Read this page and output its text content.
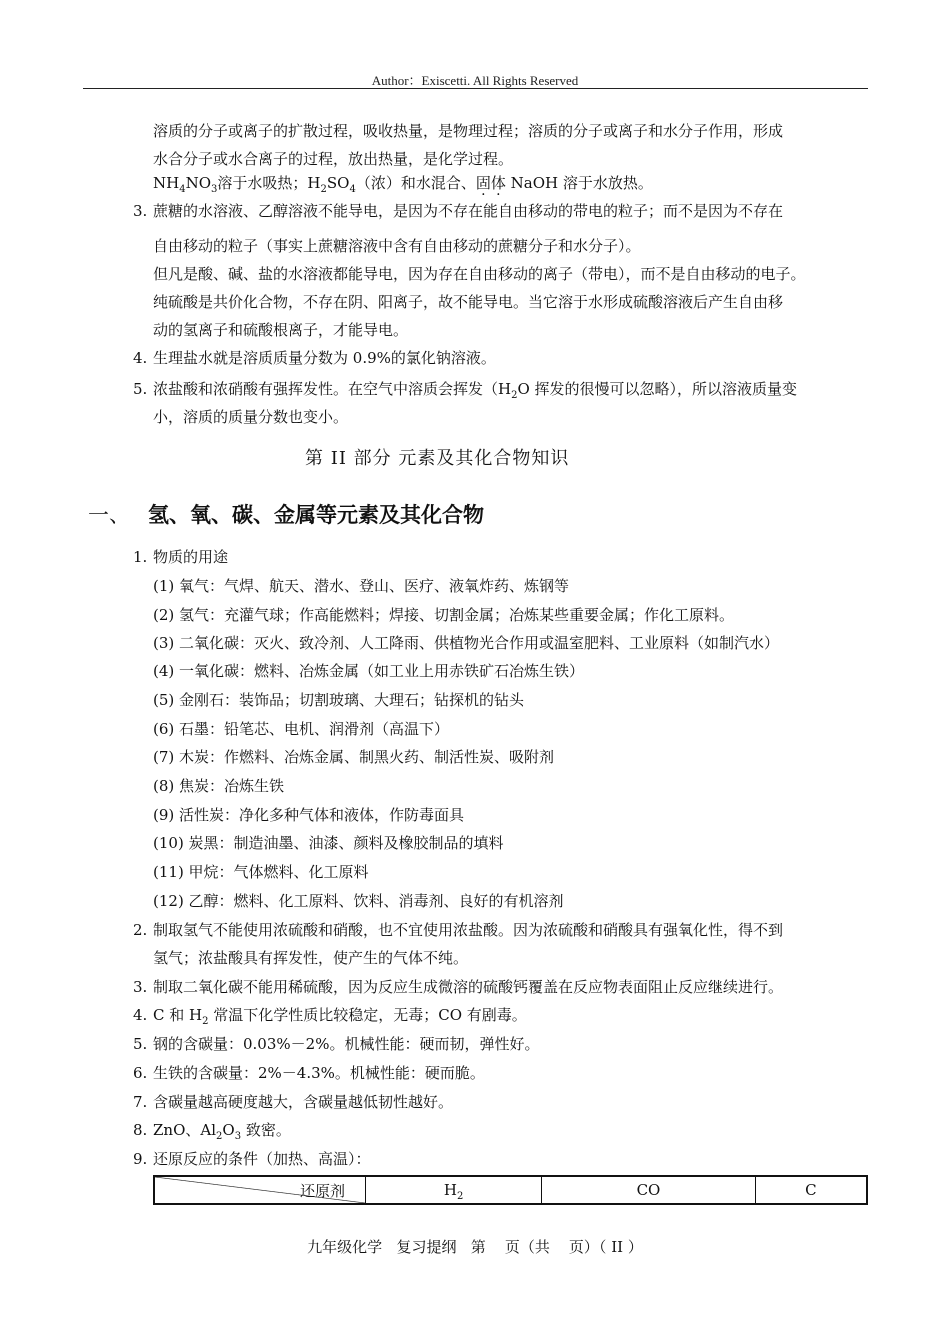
Author：Exiscetti. All Rights Reserved
溶质的分子或离子的扩散过程，吸收热量，是物理过程；溶质的分子或离子和水分子作用，形成
水合分子或水合离子的过程，放出热量，是化学过程。
$NH_4NO_3$溶于水吸热；$H_2SO_4$（浓）和水混合、固体 NaOH 溶于水放热。
3. 蔗糖的水溶液、乙醇溶液不能导电，是因为不存在能自由移动的带电的粒子；而不是因为不存在
自由移动的粒子（事实上蔗糖溶液中含有自由移动的蔗糖分子和水分子）。
但凡是酸、碱、盐的水溶液都能导电，因为存在自由移动的离子（带电），而不是自由移动的电子。
纯硫酸是共价化合物，不存在阴、阳离子，故不能导电。当它溶于水形成硫酸溶液后产生自由移
动的氢离子和硫酸根离子，才能导电。
4. 生理盐水就是溶质质量分数为 0.9%的氯化钠溶液。
5. 浓盐酸和浓硝酸有强挥发性。在空气中溶质会挥发（$H_2O$ 挥发的很慢可以忽略），所以溶液质量变
小，溶质的质量分数也变小。
第 II 部分 元素及其化合物知识
一、 氢、氧、碳、金属等元素及其化合物
1. 物质的用途
(1) 氧气：气焊、航天、潜水、登山、医疗、液氧炸药、炼钢等
(2) 氢气：充灌气球；作高能燃料；焊接、切割金属；冶炼某些重要金属；作化工原料。
(3) 二氧化碳：灭火、致冷剂、人工降雨、供植物光合作用或温室肥料、工业原料（如制汽水）
(4) 一氧化碳：燃料、冶炼金属（如工业上用赤铁矿石冶炼生铁）
(5) 金刚石：装饰品；切割玻璃、大理石；钻探机的钻头
(6) 石墨：铅笔芯、电机、润滑剂（高温下）
(7) 木炭：作燃料、冶炼金属、制黑火药、制活性炭、吸附剂
(8) 焦炭：冶炼生铁
(9) 活性炭：净化多种气体和液体，作防毒面具
(10) 炭黑：制造油墨、油漆、颜料及橡胶制品的填料
(11) 甲烷：气体燃料、化工原料
(12) 乙醇：燃料、化工原料、饮料、消毒剂、良好的有机溶剂
2. 制取氢气不能使用浓硫酸和硝酸，也不宜使用浓盐酸。因为浓硫酸和硝酸具有强氧化性，得不到
氢气；浓盐酸具有挥发性，使产生的气体不纯。
3. 制取二氧化碳不能用稀硫酸，因为反应生成微溶的硫酸钙覆盖在反应物表面阻止反应继续进行。
4. C 和 $H_2$ 常温下化学性质比较稳定，无毒；CO 有剧毒。
5. 钢的含碳量：0.03%－2%。机械性能：硬而韧，弹性好。
6. 生铁的含碳量：2%－4.3%。机械性能：硬而脆。
7. 含碳量越高硬度越大，含碳量越低韧性越好。
8. ZnO、$Al_2O_3$ 致密。
9. 还原反应的条件（加热、高温）：
还原剂	$H_2$	CO	C
九年级化学   复习提纲   第    页（共    页）（ II ）
